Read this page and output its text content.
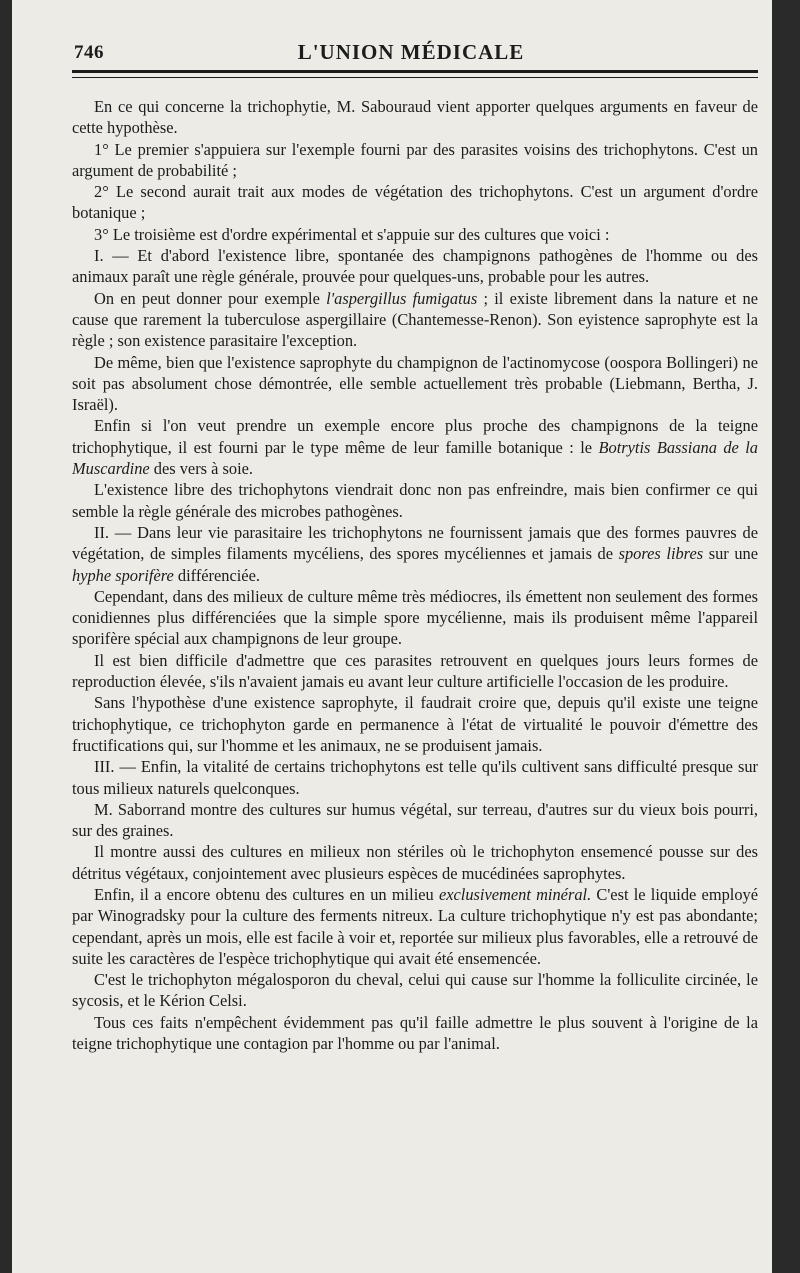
746	L'UNION MÉDICALE

En ce qui concerne la trichophytie, M. Sabouraud vient apporter quelques arguments en faveur de cette hypothèse.

1° Le premier s'appuiera sur l'exemple fourni par des parasites voisins des trichophytons. C'est un argument de probabilité ;

2° Le second aurait trait aux modes de végétation des trichophytons. C'est un argument d'ordre botanique ;

3° Le troisième est d'ordre expérimental et s'appuie sur des cultures que voici :

I. — Et d'abord l'existence libre, spontanée des champignons pathogènes de l'homme ou des animaux paraît une règle générale, prouvée pour quelques-uns, probable pour les autres.

On en peut donner pour exemple l'aspergillus fumigatus ; il existe librement dans la nature et ne cause que rarement la tuberculose aspergillaire (Chantemesse-Renon). Son eyistence saprophyte est la règle ; son existence parasitaire l'exception.

De même, bien que l'existence saprophyte du champignon de l'actinomycose (oospora Bollingeri) ne soit pas absolument chose démontrée, elle semble actuellement très probable (Liebmann, Bertha, J. Israël).

Enfin si l'on veut prendre un exemple encore plus proche des champignons de la teigne trichophytique, il est fourni par le type même de leur famille botanique : le Botrytis Bassiana de la Muscardine des vers à soie.

L'existence libre des trichophytons viendrait donc non pas enfreindre, mais bien confirmer ce qui semble la règle générale des microbes pathogènes.

II. — Dans leur vie parasitaire les trichophytons ne fournissent jamais que des formes pauvres de végétation, de simples filaments mycéliens, des spores mycéliennes et jamais de spores libres sur une hyphe sporifère différenciée.

Cependant, dans des milieux de culture même très médiocres, ils émettent non seulement des formes conidiennes plus différenciées que la simple spore mycélienne, mais ils produisent même l'appareil sporifère spécial aux champignons de leur groupe.

Il est bien difficile d'admettre que ces parasites retrouvent en quelques jours leurs formes de reproduction élevée, s'ils n'avaient jamais eu avant leur culture artificielle l'occasion de les produire.

Sans l'hypothèse d'une existence saprophyte, il faudrait croire que, depuis qu'il existe une teigne trichophytique, ce trichophyton garde en permanence à l'état de virtualité le pouvoir d'émettre des fructifications qui, sur l'homme et les animaux, ne se produisent jamais.

III. — Enfin, la vitalité de certains trichophytons est telle qu'ils cultivent sans difficulté presque sur tous milieux naturels quelconques.

M. Saborrand montre des cultures sur humus végétal, sur terreau, d'autres sur du vieux bois pourri, sur des graines.

Il montre aussi des cultures en milieux non stériles où le trichophyton ensemencé pousse sur des détritus végétaux, conjointement avec plusieurs espèces de mucédinées saprophytes.

Enfin, il a encore obtenu des cultures en un milieu exclusivement minéral. C'est le liquide employé par Winogradsky pour la culture des ferments nitreux. La culture trichophytique n'y est pas abondante; cependant, après un mois, elle est facile à voir et, reportée sur milieux plus favorables, elle a retrouvé de suite les caractères de l'espèce trichophytique qui avait été ensemencée.

C'est le trichophyton mégalosporon du cheval, celui qui cause sur l'homme la folliculite circinée, le sycosis, et le Kérion Celsi.

Tous ces faits n'empêchent évidemment pas qu'il faille admettre le plus souvent à l'origine de la teigne trichophytique une contagion par l'homme ou par l'animal.
